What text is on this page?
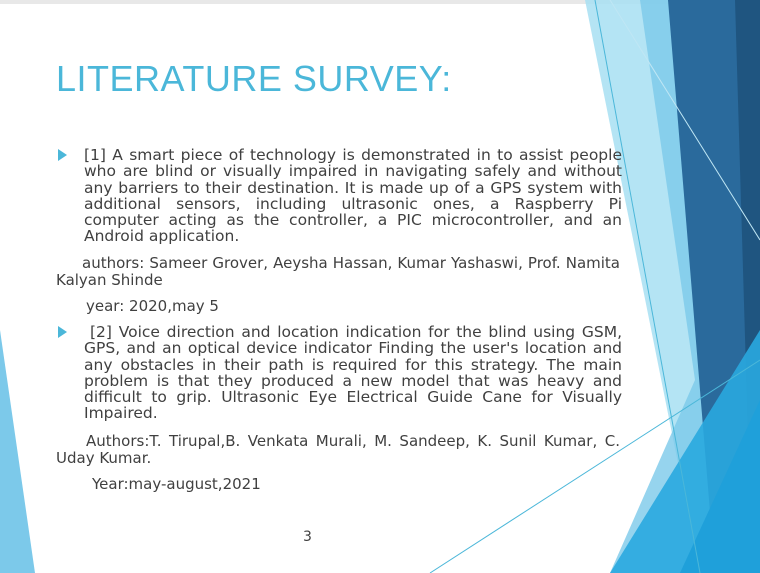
LITERATURE SURVEY:

[1] A smart piece of technology is demonstrated in to assist people who are blind or visually impaired in navigating safely and without any barriers to their destination. It is made up of a GPS system with additional sensors, including ultrasonic ones, a Raspberry Pi computer acting as the controller, a PIC microcontroller, and an Android application.

authors: Sameer Grover, Aeysha Hassan, Kumar Yashaswi, Prof. Namita Kalyan Shinde

year: 2020,may 5

[2] Voice direction and location indication for the blind using GSM, GPS, and an optical device indicator Finding the user's location and any obstacles in their path is required for this strategy. The main problem is that they produced a new model that was heavy and difficult to grip. Ultrasonic Eye Electrical Guide Cane for Visually Impaired.

Authors:T. Tirupal,B. Venkata Murali, M. Sandeep, K. Sunil Kumar, C. Uday Kumar.

Year:may-august,2021

3
